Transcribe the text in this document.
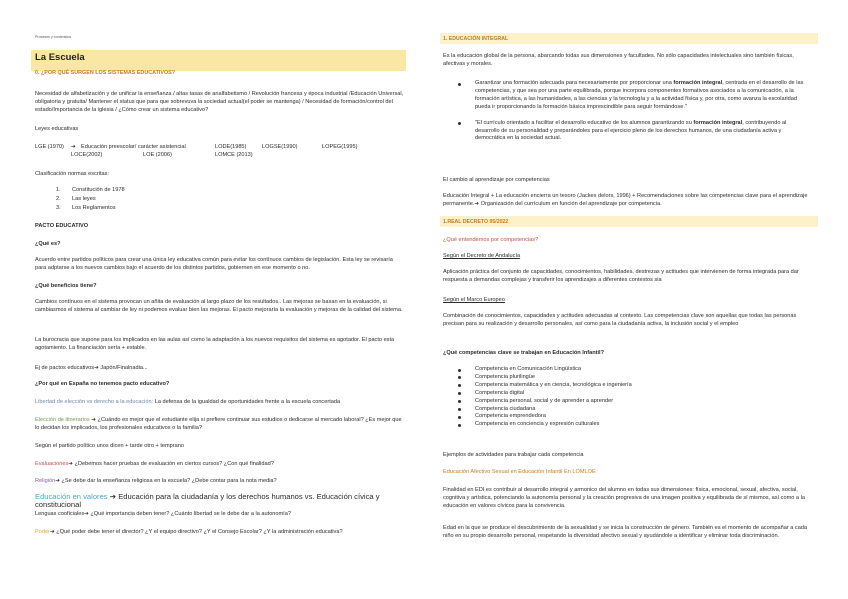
Procesos y contenidos
La Escuela
0. ¿POR QUÉ SURGEN LOS SISTEMAS EDUCATIVOS?
Necesidad de alfabetización y de unificar la enseñanza / altas tasas de analfabetismo / Revolución francesa y época industrial /Educación Universal, obligatoria y gratuita/ Mantener el status que para que sobrevuva la sociedad actual(el poder se mantenga) / Necesidad de formación/control del estado/Importancia de la iglesia / ¿Cómo crear un sistema educativo?
Leyes educativas
LGE (1970) ➔ Educación preescolar/ carácter asistencial	LODE(1985)	LOGSE(1990)	LOPEG(1995)
LOCE(2002)	LOE (2006)	LOMCE (2013)
Clasificación normas escritas:
1. Constitución de 1978
2. Las leyes
3. Los Reglamentos
PACTO EDUCATIVO
¿Qué es?
Acuerdo entre partidos políticos para crear una única ley educativa común para evitar los contínuos cambios de legislación. Esta ley se revisaría para adptarse a los nuevos cambios bajo el acuerdo de los distintos partidos, gobiernen en ese momento o no.
¿Qué beneficios tiene?
Cambios contínuos en el sistema provocan un añita de evaluación al largo plazo de los resultados.. Las mejoras se basan en la evaluación, si cambiasmos el sistema al cambiar de ley ni podemos evaluar bien las mejoras. El pacto mejoraría la evaluación y mejoras de la calidad del sistema.
La burocracia que supone para los implicados en las aulas así como la adaptación a los nuevos requisitos del sistema es agotador. El pacto esta agotamiento. La financiación sería + estable.
Ej de pactos educativos➔ Japón/Finalnadia...
¿Por qué en España no tenemos pacto educativo?
Libertad de elección vs derecho a la educación: La defensa de la igualdad de oportunidades frente a la escuela concertada
Elección de itinerarios ➔ ¿Cuándo es mejor que el estudiante elija si prefiere continuar sus estudios o dedicarse al mercado laboral? ¿Es mejor que lo decidan los implicados, los profesionales educativos o la familia?
Según el partido político unos dicen + tarde otro + temprano
Evaluaciones➔ ¿Debemos hacer pruebas de evaluación en ciertos cursos? ¿Con qué finalidad?
Religión➔ ¿Se debe dar la enseñanza religiosa en la escuela? ¿Debe contar para la nota media?
Educación en valores ➔ Educación para la ciudadanía y los derechos humanos vs. Educación cívica y constitucional
Lenguas cooficiales➔ ¿Qué importancia deben tener? ¿Cuánto libertad se le debe dar a la autonomía?
Poder➔ ¿Qué poder debe tener el director? ¿Y el equipo directivo? ¿Y el Consejo Escolar? ¿Y la administración educativa?
1. EDUCACIÓN INTEGRAL
Es la educación global de la persona, abarcando todas sus dimensiones y facultades. No sólo capacidades intelectuales sino también físicas, afectivas y morales.
Garantizar una formación adecuada para necesariamente por proporcionar una formación integral, centrada en el desarrollo de las competencias, y que sea por una parte equilibrada, porque incorpora componentes formativos asociados a la comunicación, a la formación artística, a las humanidades, a las ciencias y la tecnología y a la actividad física y, por otra, como avanza la escolaridad pueda ir proporcionando la formación básica imprescindible para seguir formándose."
"El currículo orientado a facilitar el desarrollo educativo de los alumnos garantizando su formación integral, contribuyendo al desarrollo de su personalidad y preparándoles para el ejercicio pleno de los derechos humanos, de una ciudadanía activa y democrática en la sociedad actual.
El cambio al aprendizaje por competencias
Educación Integral + La educación encierra un tesoro (Jackes delors, 1996) + Recomendaciones sobre las competencias clave para el aprendizaje permanente.➔ Organización del currículum en función del aprendizaje por competencia.
1.REAL DECRETO 95/2022
¿Qué entendemos por competencias?
Según el Decreto de Andalucía
Aplicación práctica del conjunto de capacidades, conocimientos, habilidades, destrezas y actitudes que intervienen de forma integrada para dar respuesta a demandas complejas y transferir los aprendizajes a diferentes contextos sia
Según el Marco Europeo
Combinación de conocimientos, capacidades y actitudes adecuadas al contexto. Las competencias clave son aquellas que todas las personas precisan para su realización y desarrollo personales, así como para la ciudadanía activa, la inclusión social y el empleo
¿Qué competencias clave se trabajan en Educación Infantil?
Competencia en Comunicación Lingüística
Competencia plurilingüe
Competencia matemática y en ciencia, tecnológica e ingeniería
Competencia digital
Competencia personal, social y de aprender a aprender
Competencia ciudadana
Competencia emprendedora
Competencia en conciencia y expresión culturales
Ejemplos de actividades para trabajar cada competencia
Educación Afectivo Sexual en Educación Infantil En LOMLOE
Finalidad en EDI es contribuir al desarrollo integral y armonico del alumno en todas sus dimensiones: física, emocional, sexual, afectiva, social, cognitiva y artística, potenciando la autonomía personal y la creación progresiva de una imagen positiva y equilibrada de sí mismos, así como a la educación en valores cívicos para la convivencia.
Edad en la que se produce el descubrimiento de la sexualidad y se inicia la construcción de género. También es el momento de acompañar a cada niño en su propio desarrollo personal, respetando la diversidad afectivo sexual y ayudándole a identificar y eliminar toda discriminación.
